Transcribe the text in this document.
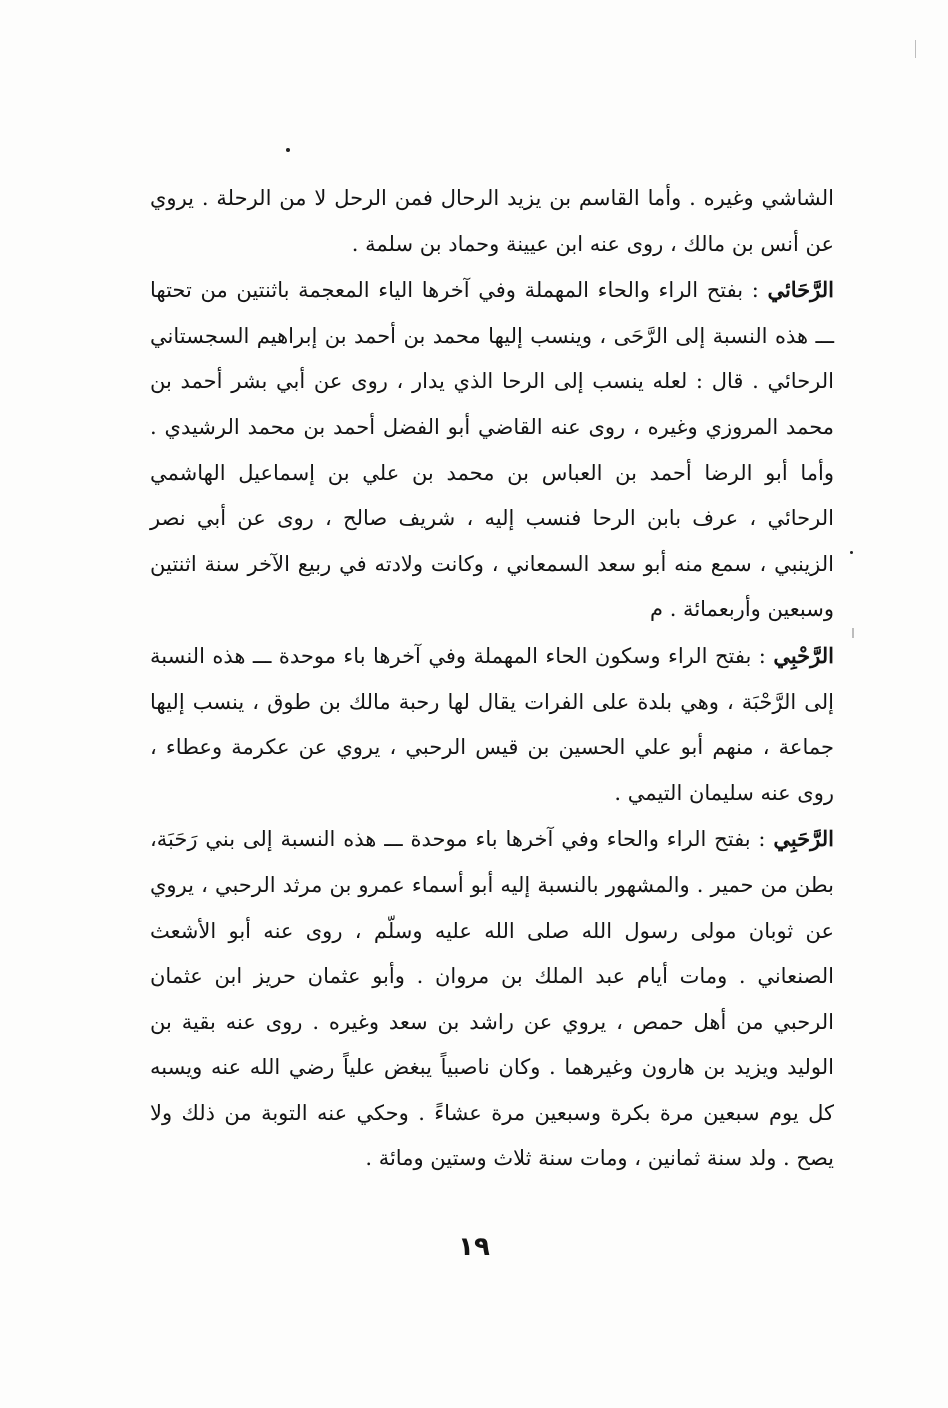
الشاشي وغيره . وأما القاسم بن يزيد الرحال فمن الرحل لا من الرحلة . يروي عن أنس بن مالك ، روى عنه ابن عيينة وحماد بن سلمة .

الرَّحَائي : بفتح الراء والحاء المهملة وفي آخرها الياء المعجمة باثنتين من تحتها ـــ هذه النسبة إلى الرَّحَى ، وينسب إليها محمد بن أحمد بن إبراهيم السجستاني الرحائي . قال : لعله ينسب إلى الرحا الذي يدار ، روى عن أبي بشر أحمد بن محمد المروزي وغيره ، روى عنه القاضي أبو الفضل أحمد بن محمد الرشيدي . وأما أبو الرضا أحمد بن العباس بن محمد بن علي بن إسماعيل الهاشمي الرحائي ، عرف بابن الرحا فنسب إليه ، شريف صالح ، روى عن أبي نصر الزينبي ، سمع منه أبو سعد السمعاني ، وكانت ولادته في ربيع الآخر سنة اثنتين وسبعين وأربعمائة . م

الرَّحْبِي : بفتح الراء وسكون الحاء المهملة وفي آخرها باء موحدة ـــ هذه النسبة إلى الرَّحْبَة ، وهي بلدة على الفرات يقال لها رحبة مالك بن طوق ، ينسب إليها جماعة ، منهم أبو علي الحسين بن قيس الرحبي ، يروي عن عكرمة وعطاء ، روى عنه سليمان التيمي .

الرَّحَبِي : بفتح الراء والحاء وفي آخرها باء موحدة ـــ هذه النسبة إلى بني رَحَبَة، بطن من حمير . والمشهور بالنسبة إليه أبو أسماء عمرو بن مرثد الرحبي ، يروي عن ثوبان مولى رسول الله صلى الله عليه وسلّم ، روى عنه أبو الأشعث الصنعاني . ومات أيام عبد الملك بن مروان . وأبو عثمان حريز ابن عثمان الرحبي من أهل حمص ، يروي عن راشد بن سعد وغيره . روى عنه بقية بن الوليد ويزيد بن هارون وغيرهما . وكان ناصبياً يبغض علياً رضي الله عنه ويسبه كل يوم سبعين مرة بكرة وسبعين مرة عشاءً . وحكي عنه التوبة من ذلك ولا يصح . ولد سنة ثمانين ، ومات سنة ثلاث وستين ومائة .

١٩
